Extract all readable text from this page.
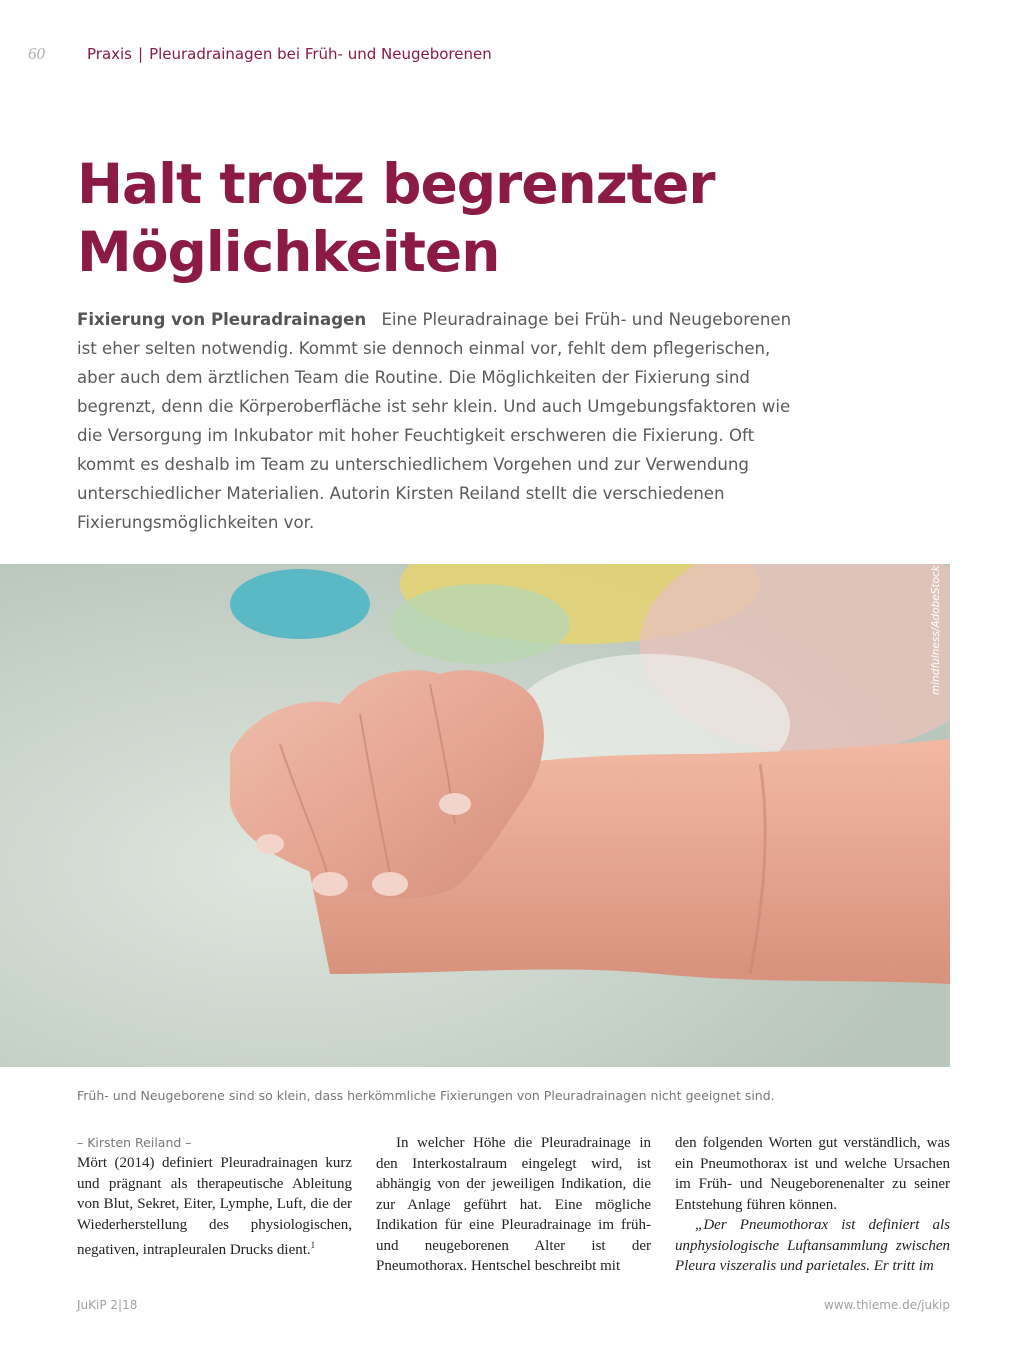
60	Praxis | Pleuradrainagen bei Früh- und Neugeborenen
Halt trotz begrenzter
Möglichkeiten

Fixierung von Pleuradrainagen Eine Pleuradrainage bei Früh- und Neugeborenen ist eher selten notwendig. Kommt sie dennoch einmal vor, fehlt dem pflegerischen, aber auch dem ärztlichen Team die Routine. Die Möglichkeiten der Fixierung sind begrenzt, denn die Körperoberfläche ist sehr klein. Und auch Umgebungsfaktoren wie die Versorgung im Inkubator mit hoher Feuchtigkeit erschweren die Fixierung. Oft kommt es deshalb im Team zu unterschiedlichem Vorgehen und zur Verwendung unterschiedlicher Materialien. Autorin Kirsten Reiland stellt die verschiedenen Fixierungsmöglichkeiten vor.

mindfulness/AdobeStock
Früh- und Neugeborene sind so klein, dass herkömmliche Fixierungen von Pleuradrainagen nicht geeignet sind.

– Kirsten Reiland –

Mört (2014) definiert Pleuradrainagen kurz und prägnant als therapeutische Ableitung von Blut, Sekret, Eiter, Lymphe, Luft, die der Wiederherstellung des physiologischen, negativen, intrapleuralen Drucks dient.$^1$

In welcher Höhe die Pleuradrainage in den Interkostalraum eingelegt wird, ist abhängig von der jeweiligen Indikation, die zur Anlage geführt hat. Eine mögliche Indikation für eine Pleuradrainage im früh- und neugeborenen Alter ist der Pneumothorax. Hentschel beschreibt mit

den folgenden Worten gut verständlich, was ein Pneumothorax ist und welche Ursachen im Früh- und Neugeborenenalter zu seiner Entstehung führen können.

„Der Pneumothorax ist definiert als unphysiologische Luftansammlung zwischen Pleura viszeralis und parietales. Er tritt im

JuKiP 2|18	www.thieme.de/jukip
